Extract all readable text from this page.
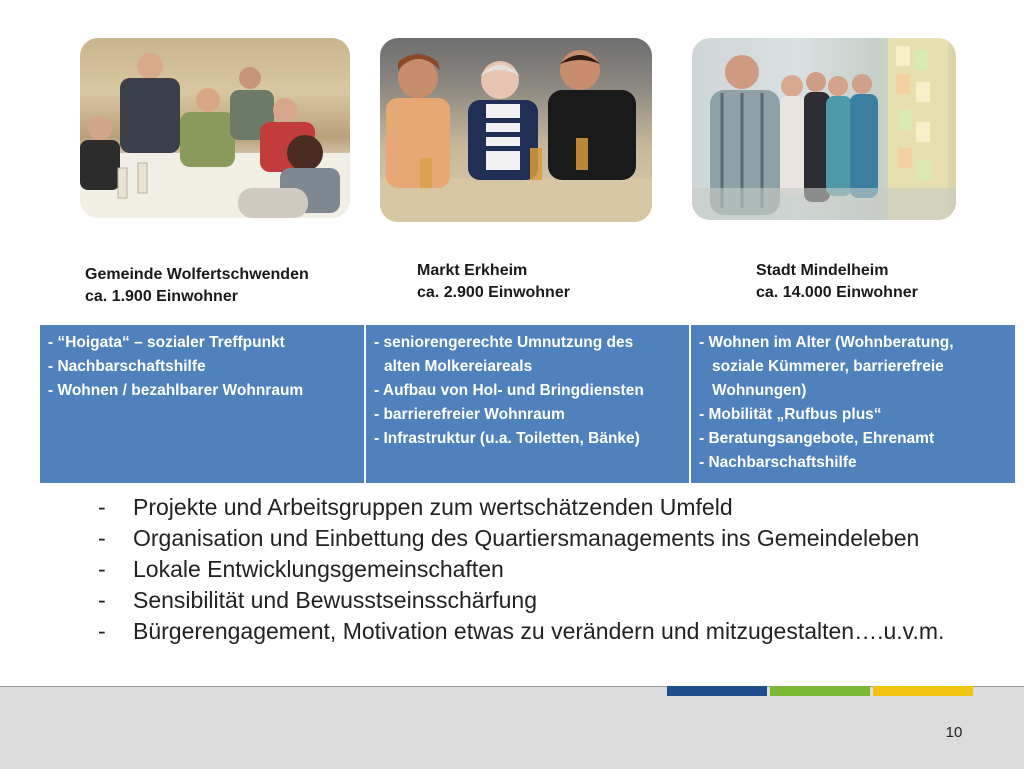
Gemeinde Wolfertschwenden
ca. 1.900 Einwohner
Markt Erkheim
ca. 2.900 Einwohner
Stadt Mindelheim
ca. 14.000 Einwohner
- “Hoigata“ – sozialer Treffpunkt
- Nachbarschaftshilfe
- Wohnen / bezahlbarer Wohnraum
- seniorengerechte Umnutzung des
alten Molkereiareals
- Aufbau von Hol- und Bringdiensten
- barrierefreier Wohnraum
- Infrastruktur (u.a. Toiletten, Bänke)
- Wohnen im Alter (Wohnberatung,
soziale Kümmerer, barrierefreie
Wohnungen)
- Mobilität „Rufbus plus“
- Beratungsangebote, Ehrenamt
- Nachbarschaftshilfe
-	Projekte und Arbeitsgruppen zum wertschätzenden Umfeld
-	Organisation und Einbettung des Quartiersmanagements ins Gemeindeleben
-	Lokale Entwicklungsgemeinschaften
-	Sensibilität und Bewusstseinsschärfung
-	Bürgerengagement, Motivation etwas zu verändern und mitzugestalten….u.v.m.
10
